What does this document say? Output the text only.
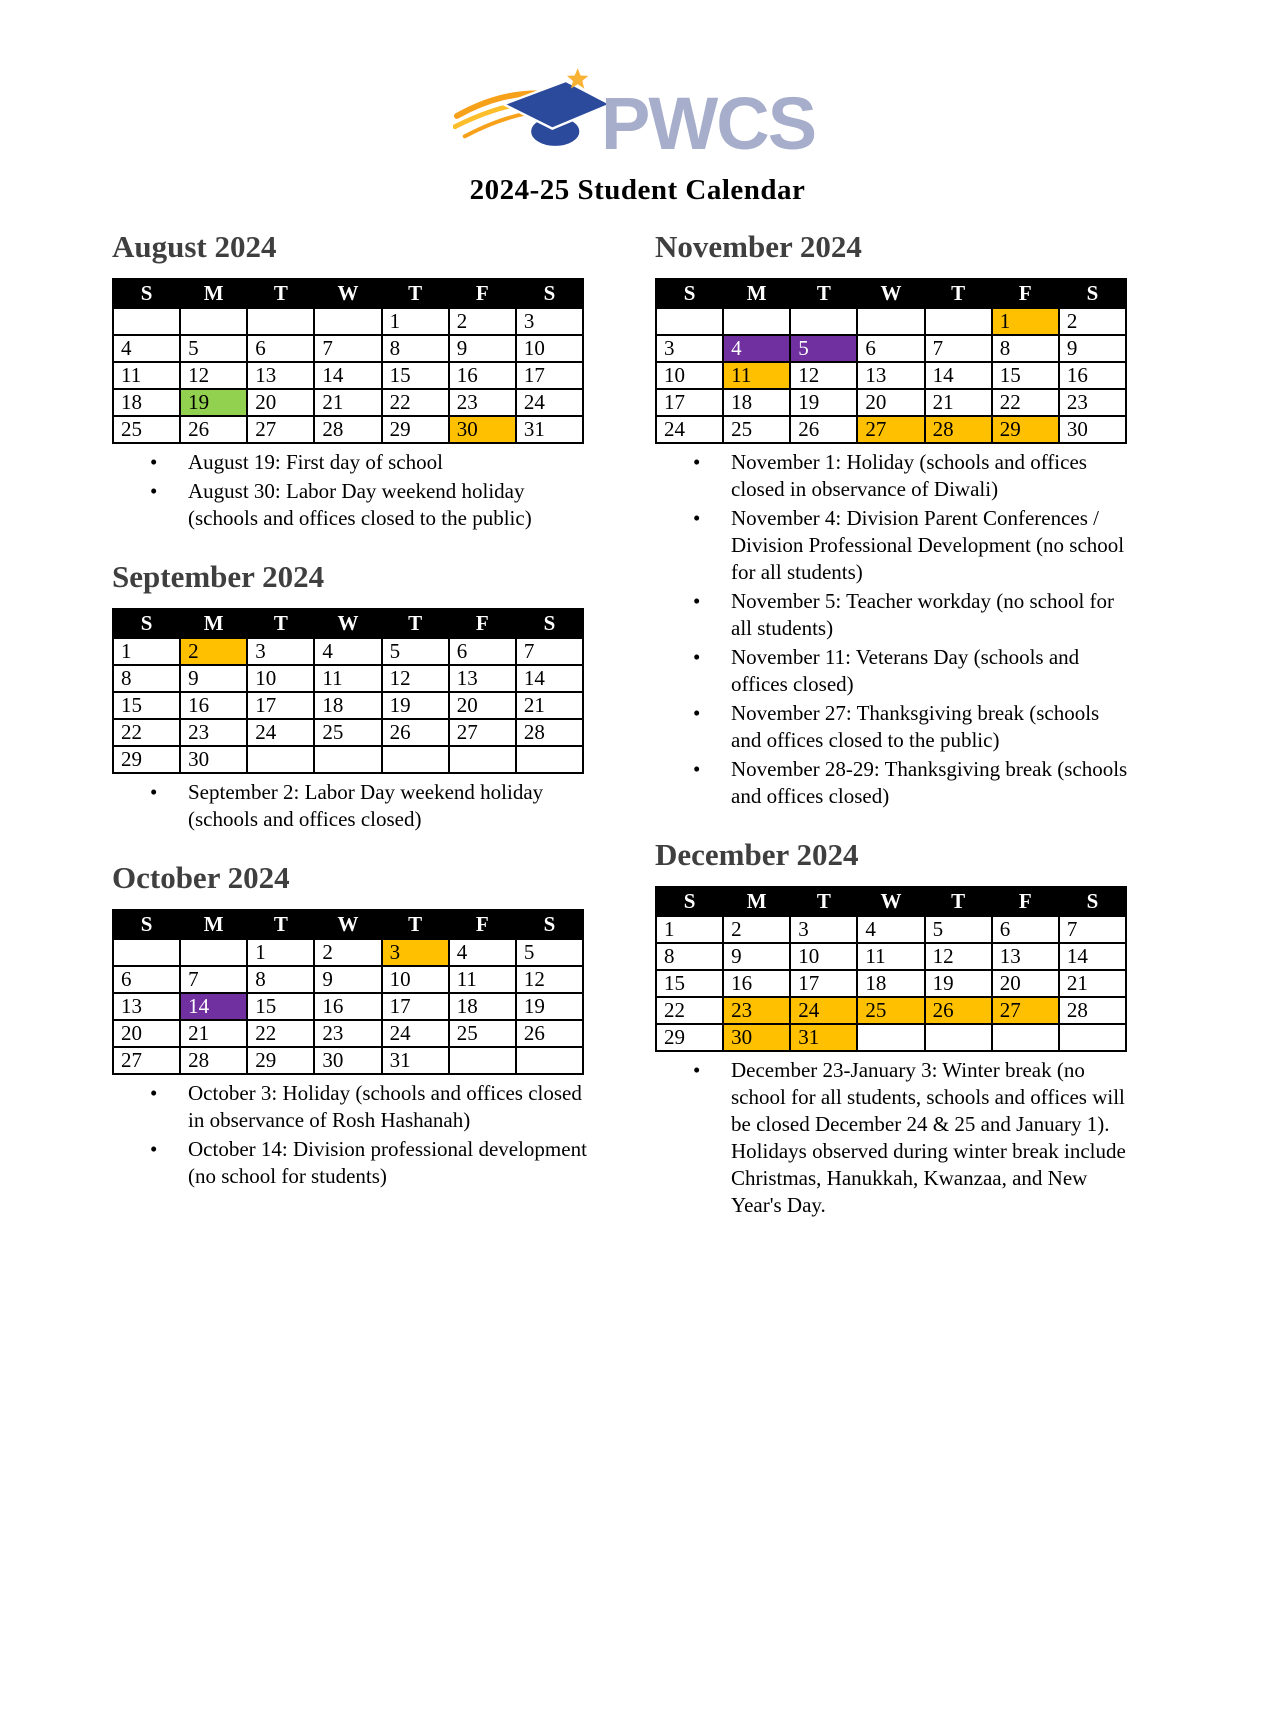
PWCS
2024-25 Student Calendar
August 2024
S	M	T	W	T	F	S
				1	2	3
4	5	6	7	8	9	10
11	12	13	14	15	16	17
18	19	20	21	22	23	24
25	26	27	28	29	30	31
• August 19: First day of school
• August 30: Labor Day weekend holiday (schools and offices closed to the public)
September 2024
S	M	T	W	T	F	S
1	2	3	4	5	6	7
8	9	10	11	12	13	14
15	16	17	18	19	20	21
22	23	24	25	26	27	28
29	30					
• September 2: Labor Day weekend holiday (schools and offices closed)
October 2024
S	M	T	W	T	F	S
		1	2	3	4	5
6	7	8	9	10	11	12
13	14	15	16	17	18	19
20	21	22	23	24	25	26
27	28	29	30	31		
• October 3: Holiday (schools and offices closed in observance of Rosh Hashanah)
• October 14: Division professional development (no school for students)
November 2024
S	M	T	W	T	F	S
					1	2
3	4	5	6	7	8	9
10	11	12	13	14	15	16
17	18	19	20	21	22	23
24	25	26	27	28	29	30
• November 1: Holiday (schools and offices closed in observance of Diwali)
• November 4: Division Parent Conferences / Division Professional Development (no school for all students)
• November 5: Teacher workday (no school for all students)
• November 11: Veterans Day (schools and offices closed)
• November 27: Thanksgiving break (schools and offices closed to the public)
• November 28-29: Thanksgiving break (schools and offices closed)
December 2024
S	M	T	W	T	F	S
1	2	3	4	5	6	7
8	9	10	11	12	13	14
15	16	17	18	19	20	21
22	23	24	25	26	27	28
29	30	31				
• December 23-January 3: Winter break (no school for all students, schools and offices will be closed December 24 & 25 and January 1). Holidays observed during winter break include Christmas, Hanukkah, Kwanzaa, and New Year's Day.
